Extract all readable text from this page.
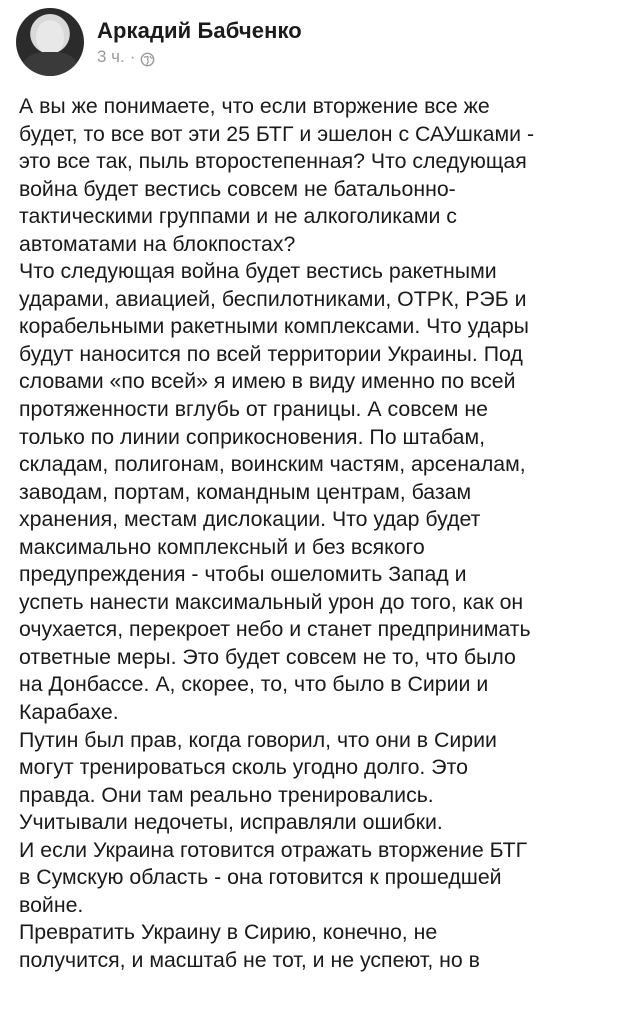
Аркадий Бабченко
3 ч. ·
А вы же понимаете, что если вторжение все же
будет, то все вот эти 25 БТГ и эшелон с САУшками -
это все так, пыль второстепенная? Что следующая
война будет вестись совсем не батальонно-
тактическими группами и не алкоголиками с
автоматами на блокпостах?
Что следующая война будет вестись ракетными
ударами, авиацией, беспилотниками, ОТРК, РЭБ и
корабельными ракетными комплексами. Что удары
будут наносится по всей территории Украины. Под
словами «по всей» я имею в виду именно по всей
протяженности вглубь от границы. А совсем не
только по линии соприкосновения. По штабам,
складам, полигонам, воинским частям, арсеналам,
заводам, портам, командным центрам, базам
хранения, местам дислокации. Что удар будет
максимально комплексный и без всякого
предупреждения - чтобы ошеломить Запад и
успеть нанести максимальный урон до того, как он
очухается, перекроет небо и станет предпринимать
ответные меры. Это будет совсем не то, что было
на Донбассе. А, скорее, то, что было в Сирии и
Карабахе.
Путин был прав, когда говорил, что они в Сирии
могут тренироваться сколь угодно долго. Это
правда. Они там реально тренировались.
Учитывали недочеты, исправляли ошибки.
И если Украина готовится отражать вторжение БТГ
в Сумскую область - она готовится к прошедшей
войне.
Превратить Украину в Сирию, конечно, не
получится, и масштаб не тот, и не успеют, но в
